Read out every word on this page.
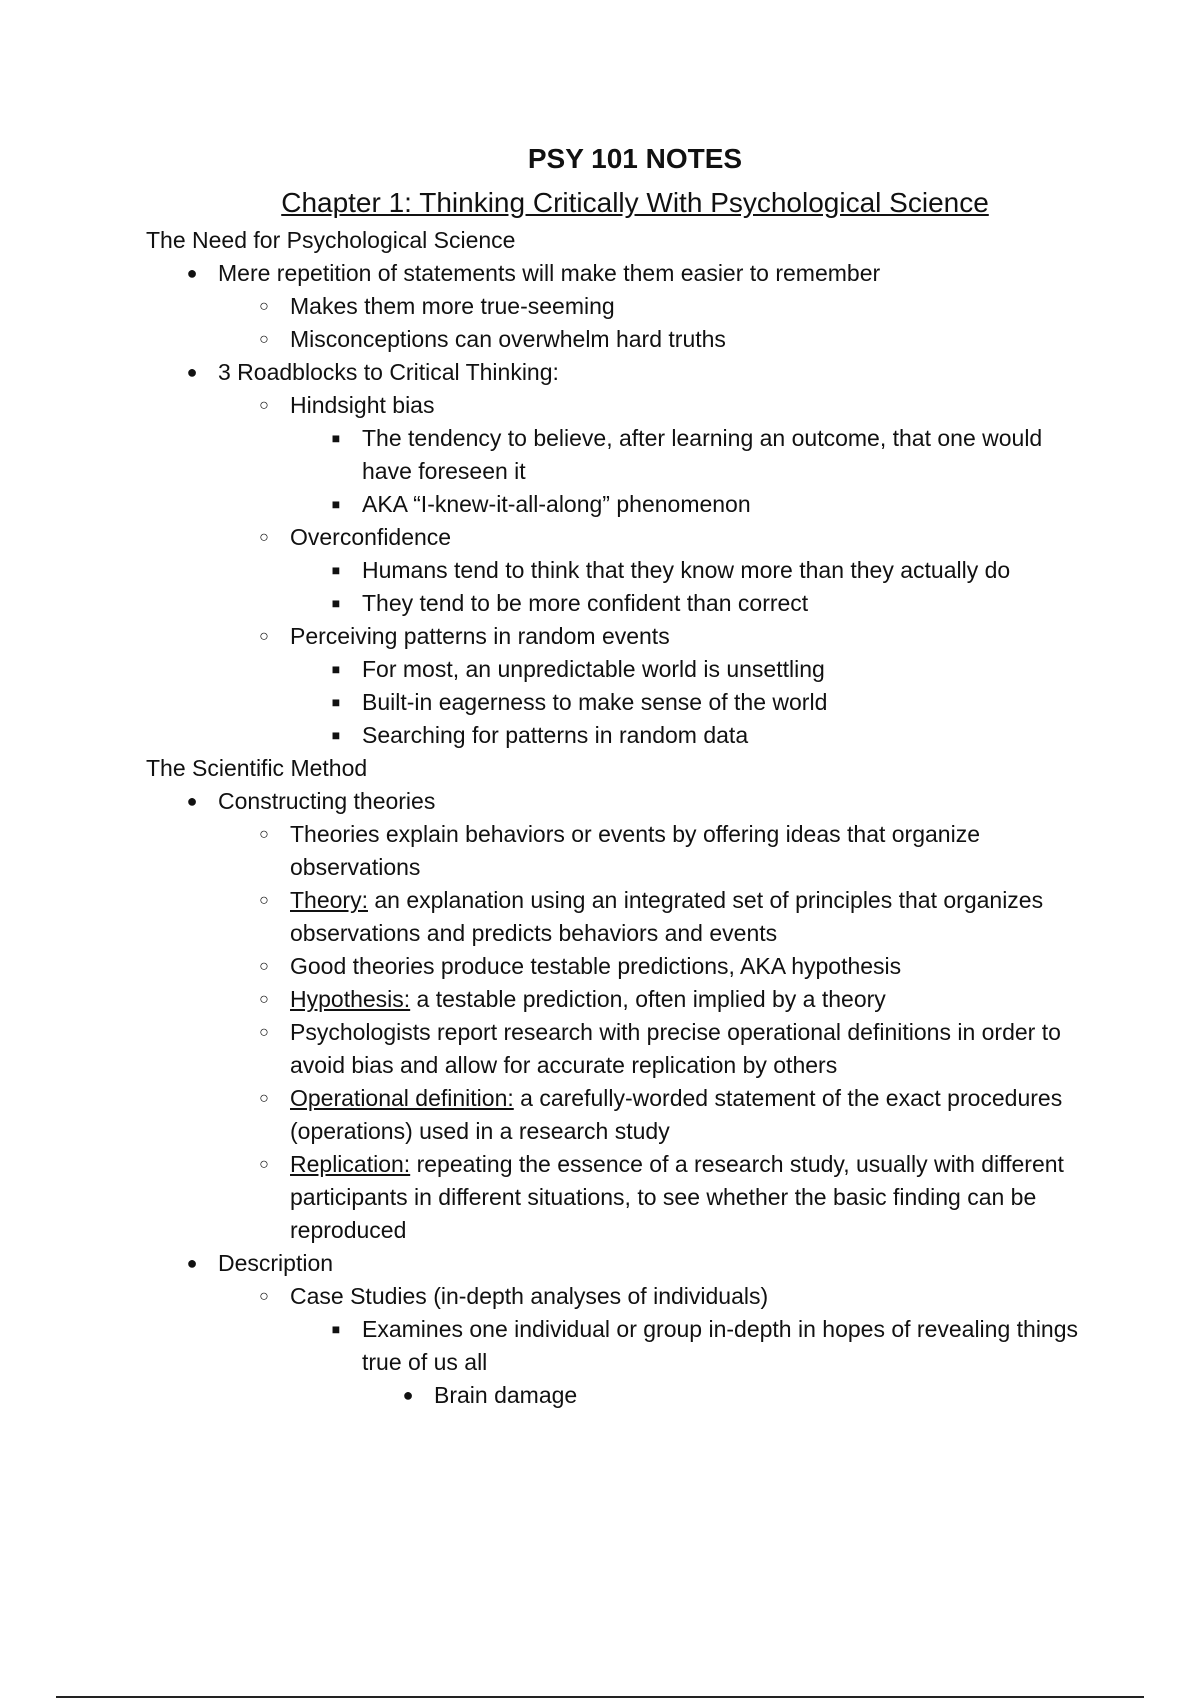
PSY 101 NOTES
Chapter 1: Thinking Critically With Psychological Science
The Need for Psychological Science
● Mere repetition of statements will make them easier to remember
○ Makes them more true-seeming
○ Misconceptions can overwhelm hard truths
● 3 Roadblocks to Critical Thinking:
○ Hindsight bias
■ The tendency to believe, after learning an outcome, that one would have foreseen it
■ AKA “I-knew-it-all-along” phenomenon
○ Overconfidence
■ Humans tend to think that they know more than they actually do
■ They tend to be more confident than correct
○ Perceiving patterns in random events
■ For most, an unpredictable world is unsettling
■ Built-in eagerness to make sense of the world
■ Searching for patterns in random data
The Scientific Method
● Constructing theories
○ Theories explain behaviors or events by offering ideas that organize observations
○ Theory: an explanation using an integrated set of principles that organizes observations and predicts behaviors and events
○ Good theories produce testable predictions, AKA hypothesis
○ Hypothesis: a testable prediction, often implied by a theory
○ Psychologists report research with precise operational definitions in order to avoid bias and allow for accurate replication by others
○ Operational definition: a carefully-worded statement of the exact procedures (operations) used in a research study
○ Replication: repeating the essence of a research study, usually with different participants in different situations, to see whether the basic finding can be reproduced
● Description
○ Case Studies (in-depth analyses of individuals)
■ Examines one individual or group in-depth in hopes of revealing things true of us all
● Brain damage
